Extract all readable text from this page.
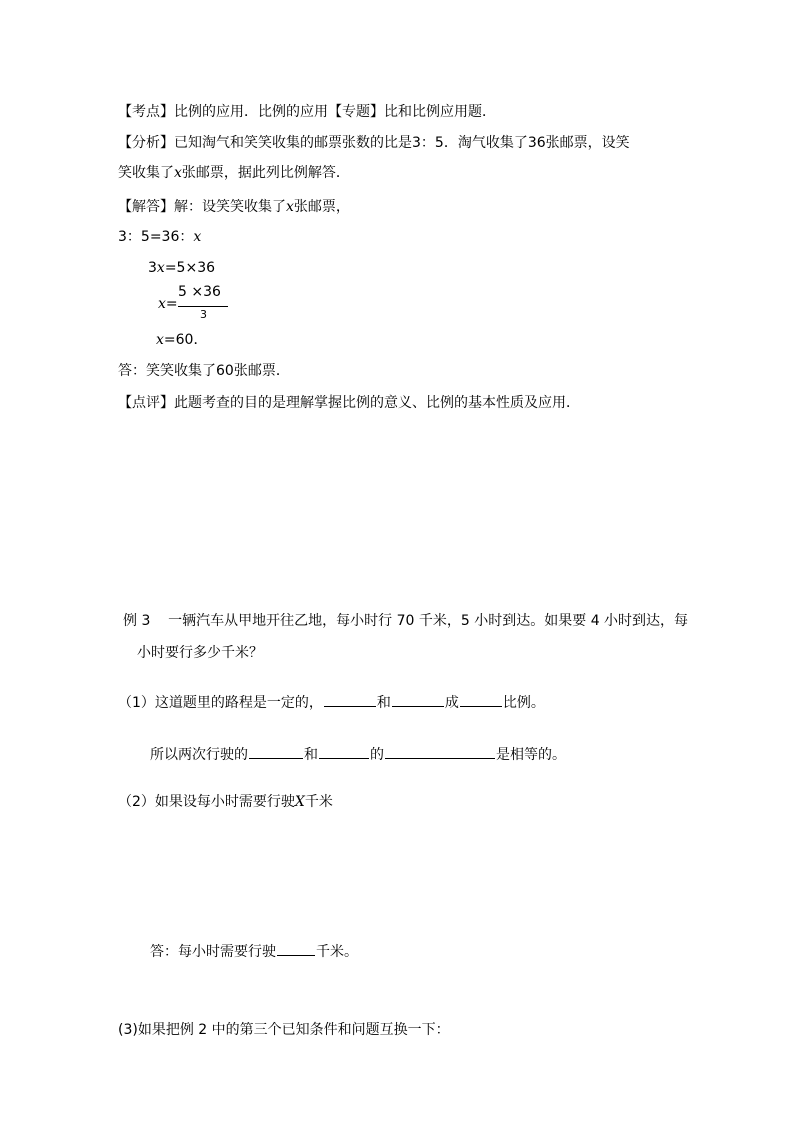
【考点】比例的应用．比例的应用【专题】比和比例应用题．
【分析】已知淘气和笑笑收集的邮票张数的比是3：5．淘气收集了36张邮票，设笑
笑收集了x张邮票，据此列比例解答．
【解答】解：设笑笑收集了x张邮票，
3：5=36：x
3x=5×36
x=
5 ×36
3
x=60．
答：笑笑收集了60张邮票．
【点评】此题考查的目的是理解掌握比例的意义、比例的基本性质及应用．
例 3 一辆汽车从甲地开往乙地，每小时行 70 千米，5 小时到达。如果要 4 小时到达，每
小时要行多少千米？
（1）这道题里的路程是一定的，	和	成	比例。
所以两次行驶的	和	的	是相等的。
（2）如果设每小时需要行驶X千米
答：每小时需要行驶	千米。
(3)如果把例 2 中的第三个已知条件和问题互换一下：
